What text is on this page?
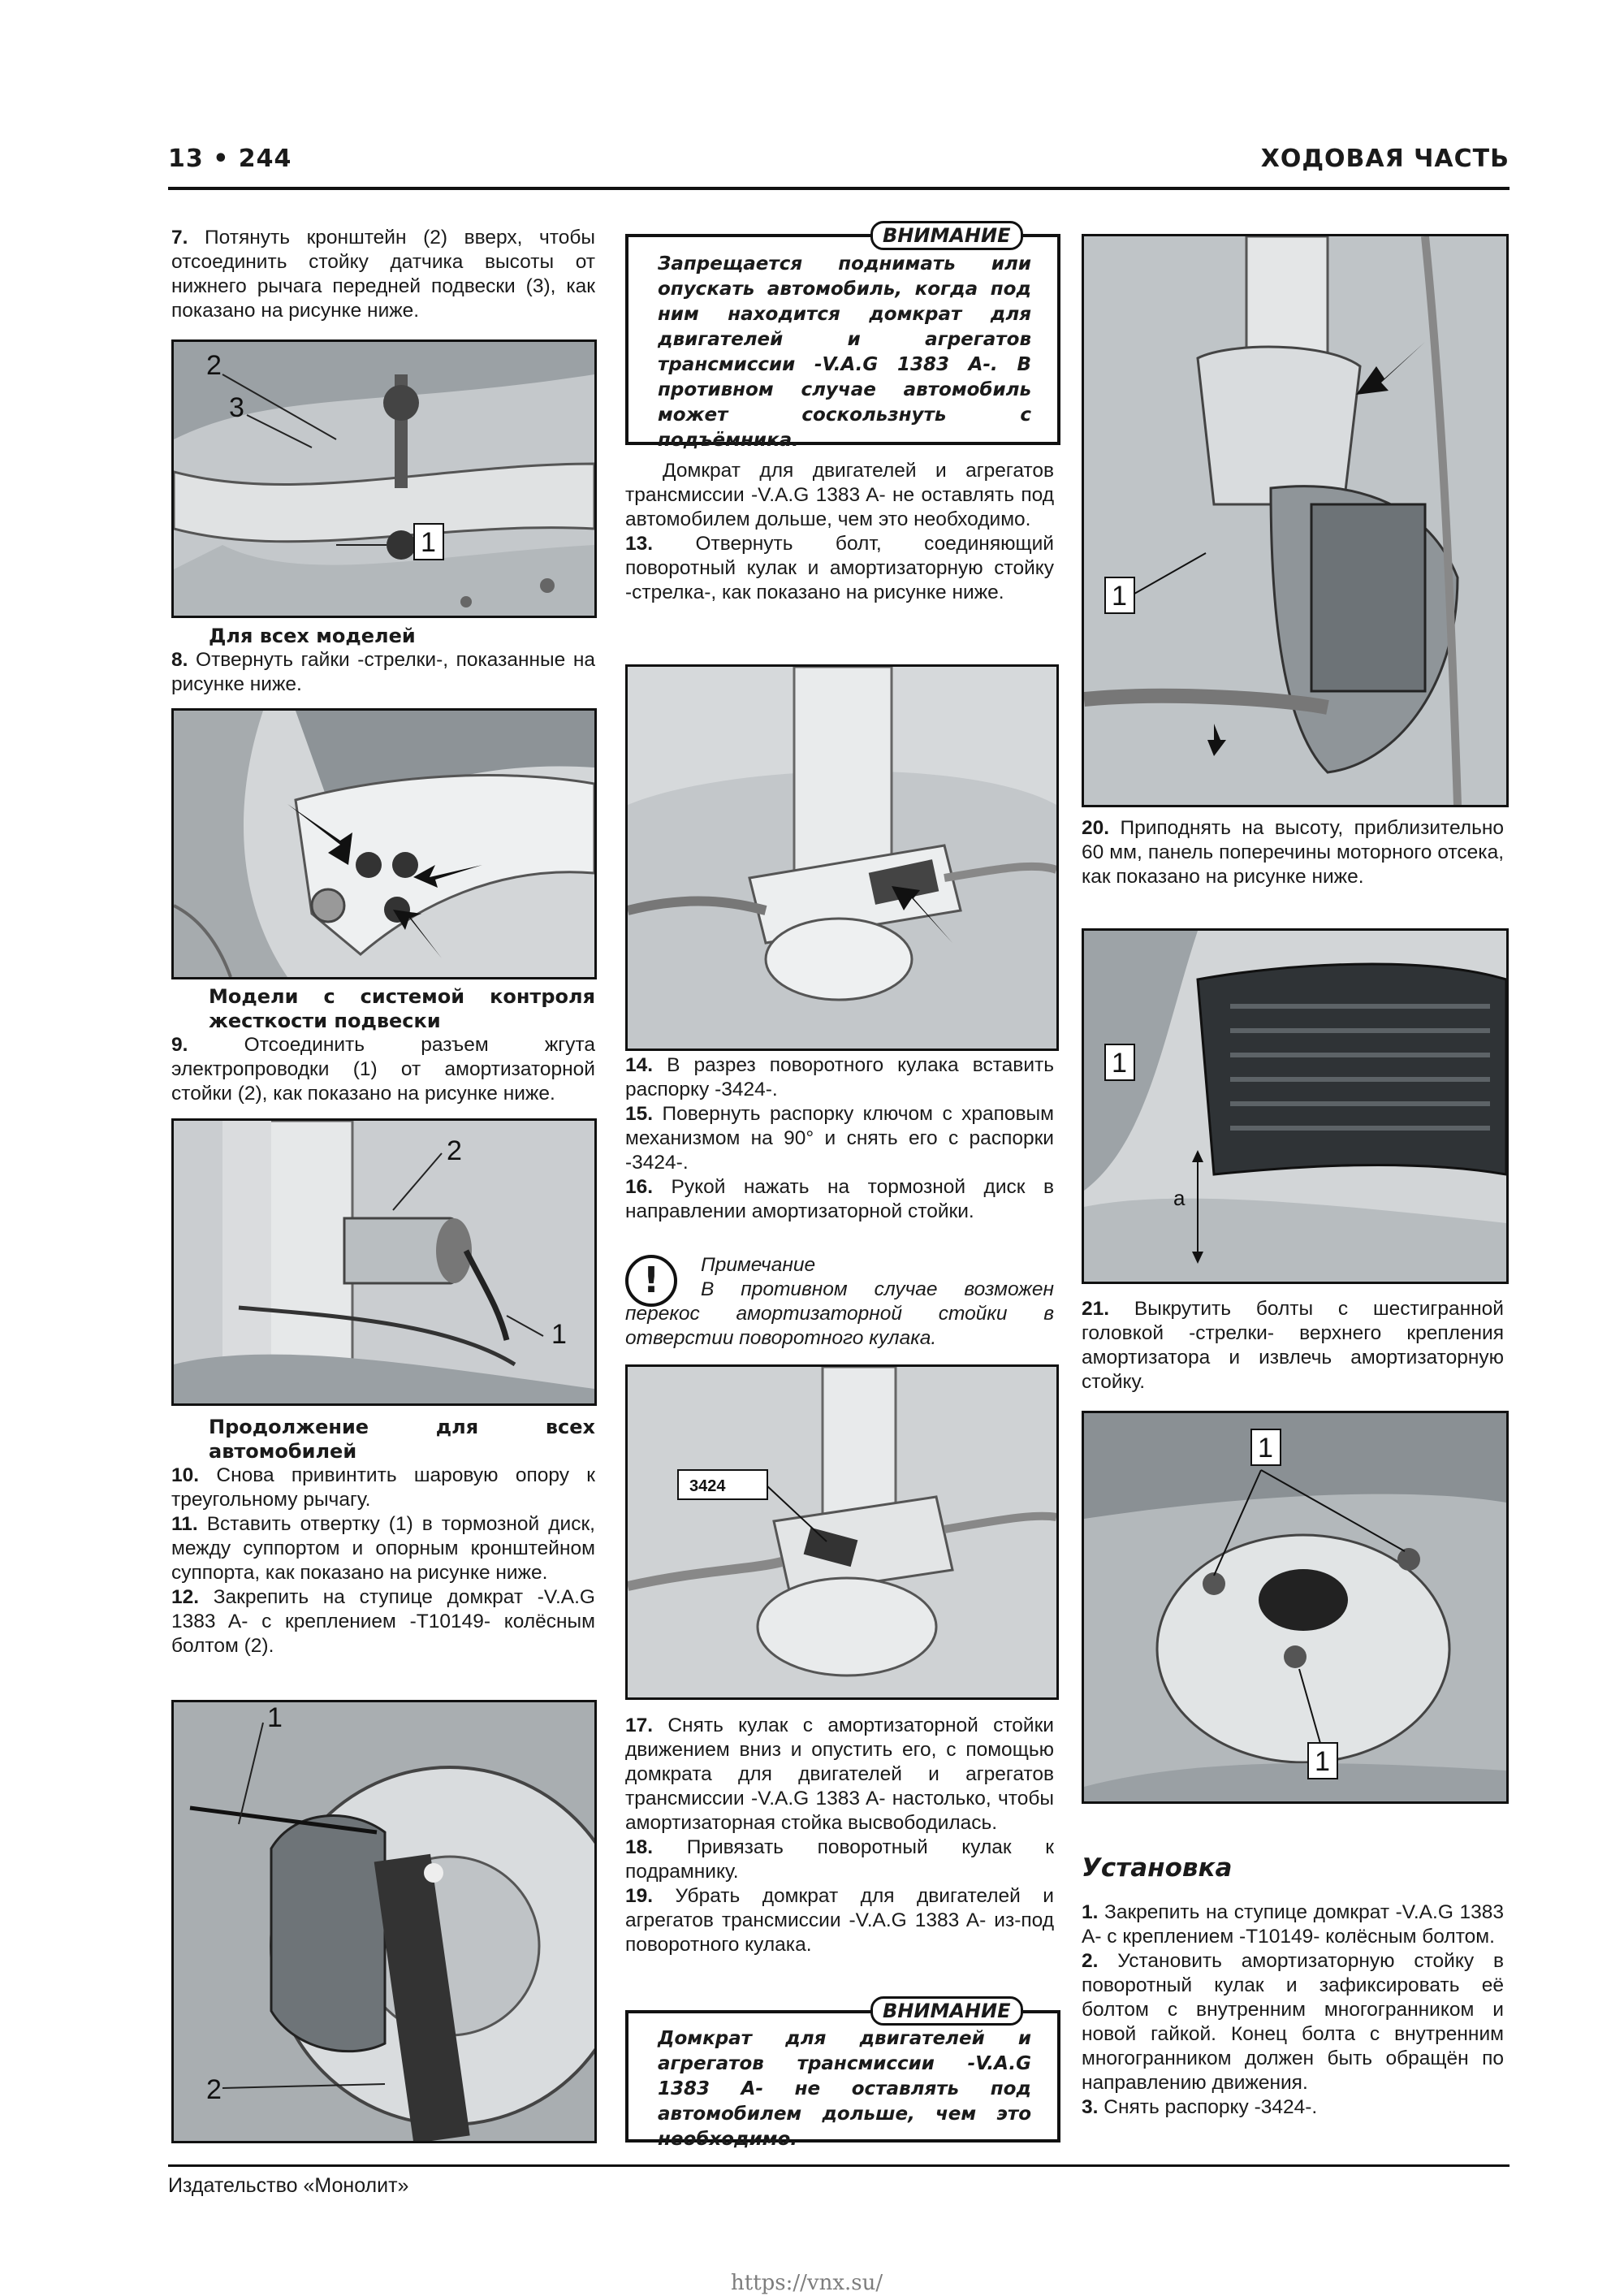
13 • 244	ХОДОВАЯ ЧАСТЬ

7. Потянуть кронштейн (2) вверх, чтобы отсоединить стойку датчика высоты от нижнего рычага передней подвески (3), как показано на рисунке ниже.

2
3
1

Для всех моделей

8. Отвернуть гайки -стрелки-, показанные на рисунке ниже.

Модели с системой контроля жесткости подвески

9. Отсоединить разъем жгута электропроводки (1) от амортизаторной стойки (2), как показано на рисунке ниже.

2
1

Продолжение для всех автомобилей

10. Снова привинтить шаровую опору к треугольному рычагу.

11. Вставить отвертку (1) в тормозной диск, между суппортом и опорным кронштейном суппорта, как показано на рисунке ниже.

12. Закрепить на ступице домкрат -V.A.G 1383 A- с креплением -T10149- колёсным болтом (2).

1
2
ВНИМАНИЕ
Запрещается поднимать или опускать автомобиль, когда под ним находится домкрат для двигателей и агрегатов трансмиссии -V.A.G 1383 A-. В противном случае автомобиль может соскользнуть с подъёмника.

Домкрат для двигателей и агрегатов трансмиссии -V.A.G 1383 A- не оставлять под автомобилем дольше, чем это необходимо.

13. Отвернуть болт, соединяющий поворотный кулак и амортизаторную стойку -стрелка-, как показано на рисунке ниже.

14. В разрез поворотного кулака вставить распорку -3424-.

15. Повернуть распорку ключом с храповым механизмом на 90° и снять его с распорки -3424-.

16. Рукой нажать на тормозной диск в направлении амортизаторной стойки.

!	Примечание

В противном случае возможен перекос амортизаторной стойки в отверстии поворотного кулака.

3424

17. Снять кулак с амортизаторной стойки движением вниз и опустить его, с помощью домкрата для двигателей и агрегатов трансмиссии -V.A.G 1383 A- настолько, чтобы амортизаторная стойка высвободилась.

18. Привязать поворотный кулак к подрамнику.

19. Убрать домкрат для двигателей и агрегатов трансмиссии -V.A.G 1383 A- из-под поворотного кулака.

ВНИМАНИЕ
Домкрат для двигателей и агрегатов трансмиссии -V.A.G 1383 A- не оставлять под автомобилем дольше, чем это необходимо.
1

20. Приподнять на высоту, приблизительно 60 мм, панель поперечины моторного отсека, как показано на рисунке ниже.

1
a

21. Выкрутить болты с шестигранной головкой -стрелки- верхнего крепления амортизатора и извлечь амортизаторную стойку.

1
1
Установка

1. Закрепить на ступице домкрат -V.A.G 1383 A- с креплением -T10149- колёсным болтом.

2. Установить амортизаторную стойку в поворотный кулак и зафиксировать её болтом с внутренним многогранником и новой гайкой. Конец болта с внутренним многогранником должен быть обращён по направлению движения.

3. Снять распорку -3424-.

Издательство «Монолит»
https://vnx.su/
